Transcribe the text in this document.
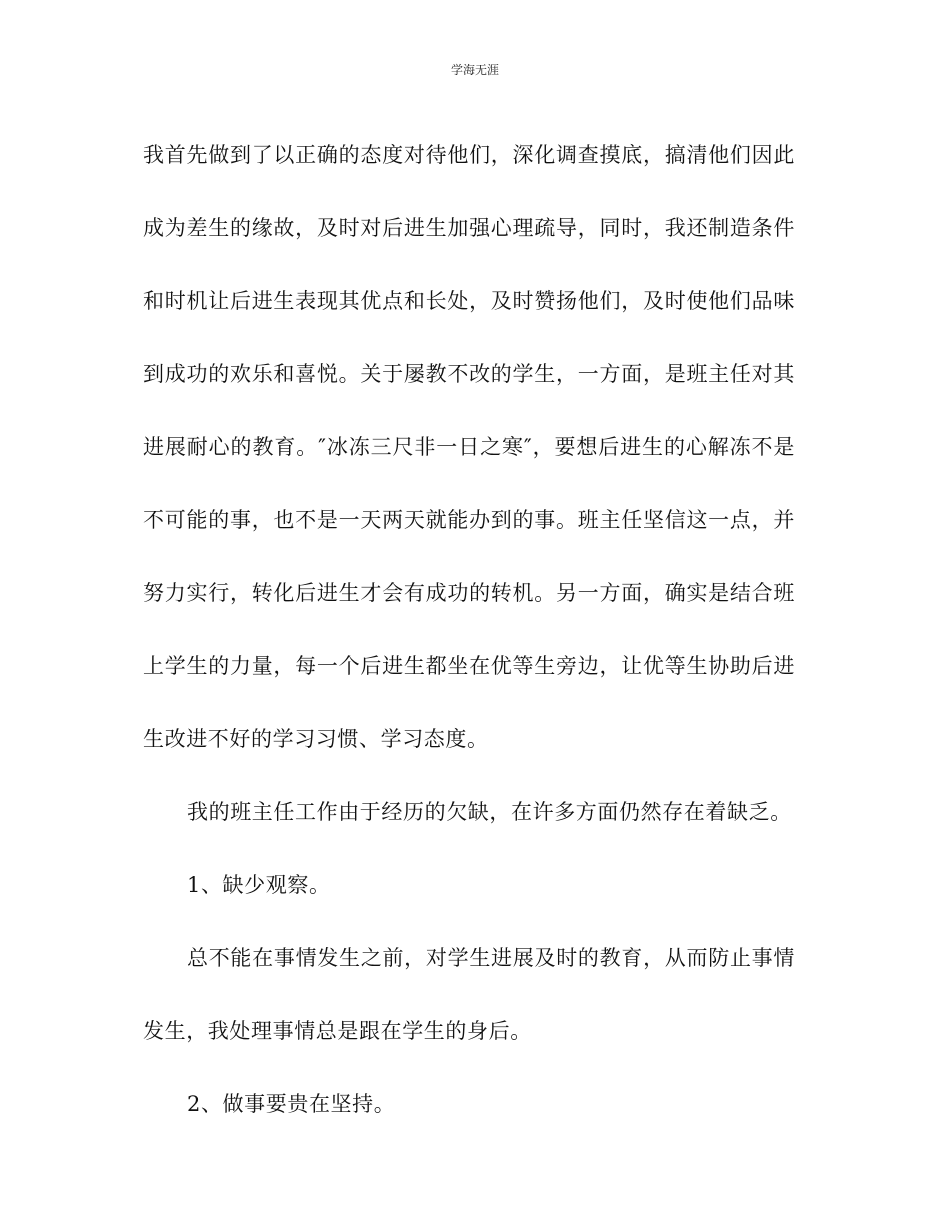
学海无涯

我首先做到了以正确的态度对待他们，深化调查摸底，搞清他们因此成为差生的缘故，及时对后进生加强心理疏导，同时，我还制造条件和时机让后进生表现其优点和长处，及时赞扬他们，及时使他们品味到成功的欢乐和喜悦。关于屡教不改的学生，一方面，是班主任对其进展耐心的教育。″冰冻三尺非一日之寒″，要想后进生的心解冻不是不可能的事，也不是一天两天就能办到的事。班主任坚信这一点，并努力实行，转化后进生才会有成功的转机。另一方面，确实是结合班上学生的力量，每一个后进生都坐在优等生旁边，让优等生协助后进生改进不好的学习习惯、学习态度。

我的班主任工作由于经历的欠缺，在许多方面仍然存在着缺乏。

1、缺少观察。

总不能在事情发生之前，对学生进展及时的教育，从而防止事情发生，我处理事情总是跟在学生的身后。

2、做事要贵在坚持。
